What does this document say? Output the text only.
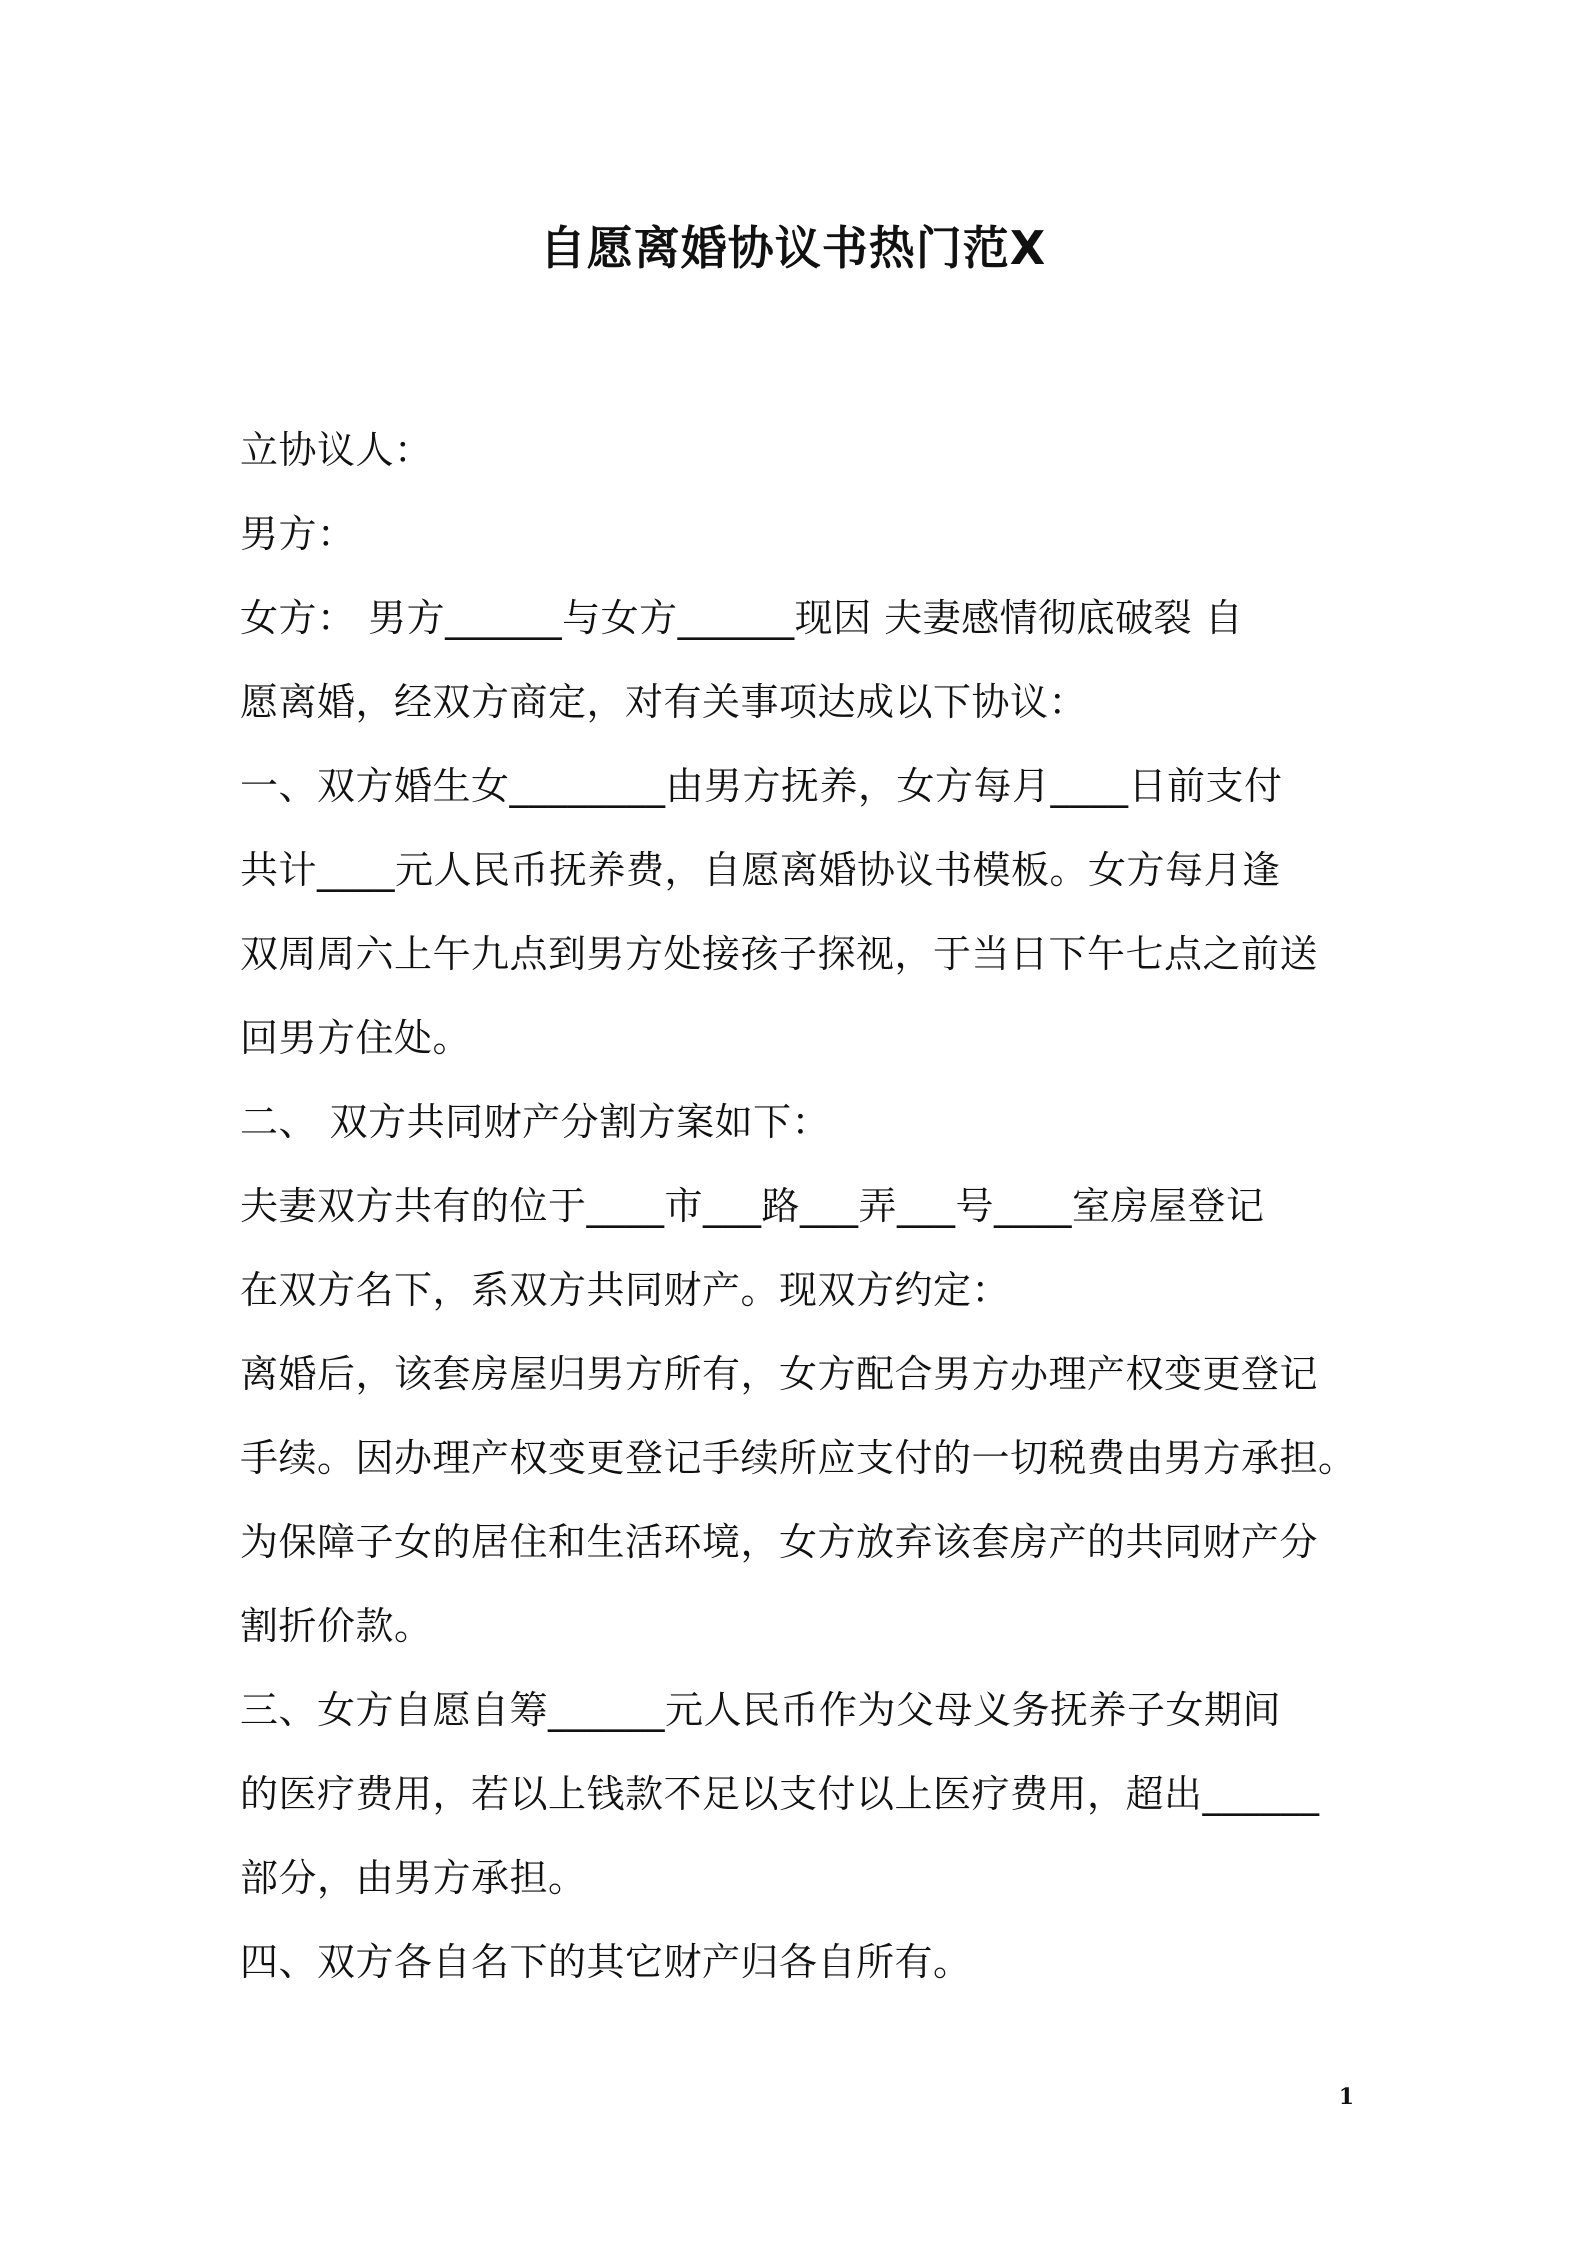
自愿离婚协议书热门范X
立协议人：
男方：
女方： 男方______与女方______现因 夫妻感情彻底破裂 自
愿离婚，经双方商定，对有关事项达成以下协议：
一、双方婚生女________由男方抚养，女方每月____日前支付
共计____元人民币抚养费，自愿离婚协议书模板。女方每月逢
双周周六上午九点到男方处接孩子探视，于当日下午七点之前送
回男方住处。
二、 双方共同财产分割方案如下：
夫妻双方共有的位于____市___路___弄___号____室房屋登记
在双方名下，系双方共同财产。现双方约定：
离婚后，该套房屋归男方所有，女方配合男方办理产权变更登记
手续。因办理产权变更登记手续所应支付的一切税费由男方承担。
为保障子女的居住和生活环境，女方放弃该套房产的共同财产分
割折价款。
三、女方自愿自筹______元人民币作为父母义务抚养子女期间
的医疗费用，若以上钱款不足以支付以上医疗费用，超出______
部分，由男方承担。
四、双方各自名下的其它财产归各自所有。
1
